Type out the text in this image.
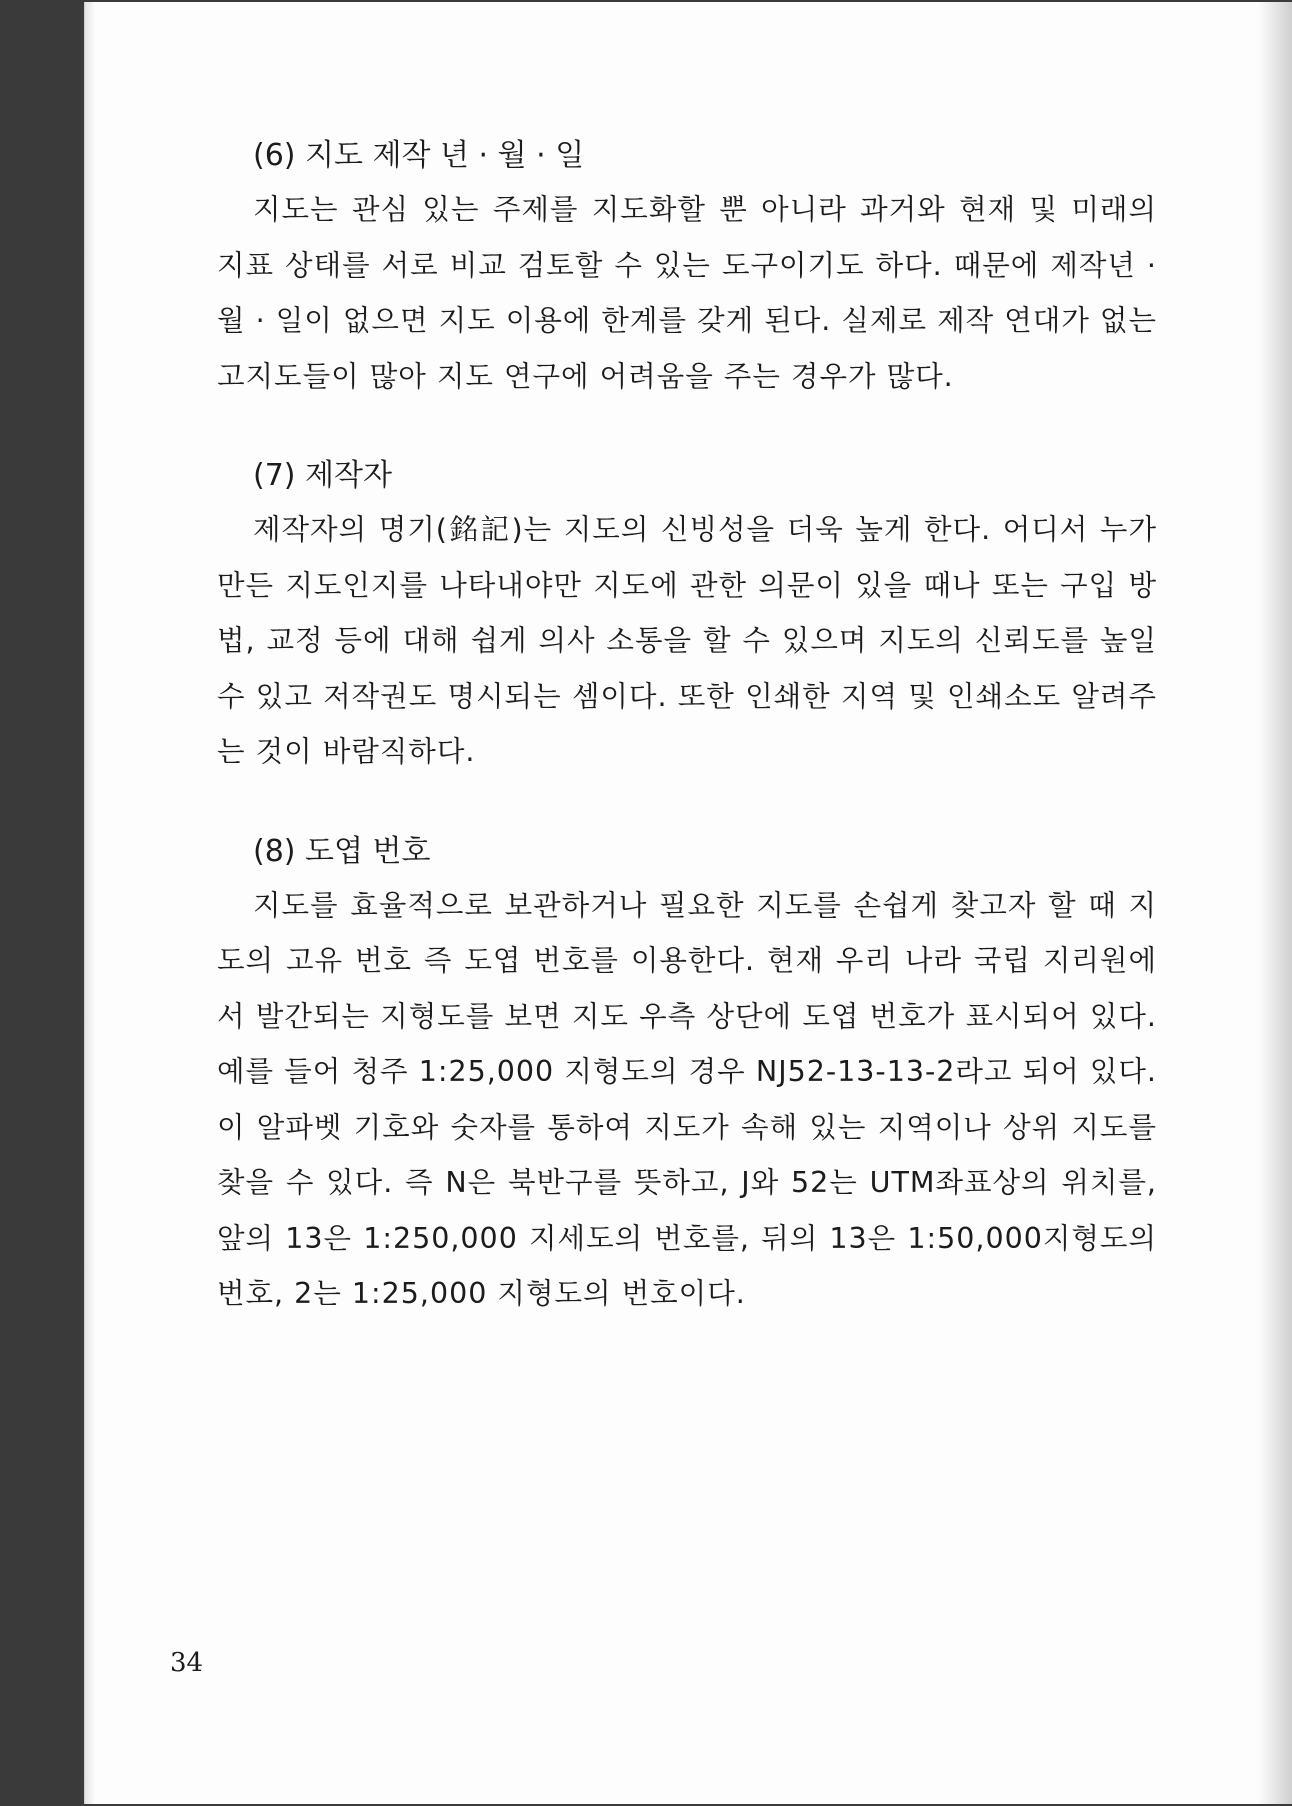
(6) 지도 제작 년 · 월 · 일

지도는 관심 있는 주제를 지도화할 뿐 아니라 과거와 현재 및 미래의 지표 상태를 서로 비교 검토할 수 있는 도구이기도 하다. 때문에 제작년 · 월 · 일이 없으면 지도 이용에 한계를 갖게 된다. 실제로 제작 연대가 없는 고지도들이 많아 지도 연구에 어려움을 주는 경우가 많다.

(7) 제작자

제작자의 명기(銘記)는 지도의 신빙성을 더욱 높게 한다. 어디서 누가 만든 지도인지를 나타내야만 지도에 관한 의문이 있을 때나 또는 구입 방법, 교정 등에 대해 쉽게 의사 소통을 할 수 있으며 지도의 신뢰도를 높일 수 있고 저작권도 명시되는 셈이다. 또한 인쇄한 지역 및 인쇄소도 알려주는 것이 바람직하다.

(8) 도엽 번호

지도를 효율적으로 보관하거나 필요한 지도를 손쉽게 찾고자 할 때 지도의 고유 번호 즉 도엽 번호를 이용한다. 현재 우리 나라 국립 지리원에서 발간되는 지형도를 보면 지도 우측 상단에 도엽 번호가 표시되어 있다. 예를 들어 청주 1:25,000 지형도의 경우 NJ52-13-13-2라고 되어 있다. 이 알파벳 기호와 숫자를 통하여 지도가 속해 있는 지역이나 상위 지도를 찾을 수 있다. 즉 N은 북반구를 뜻하고, J와 52는 UTM좌표상의 위치를, 앞의 13은 1:250,000 지세도의 번호를, 뒤의 13은 1:50,000지형도의 번호, 2는 1:25,000 지형도의 번호이다.

34
